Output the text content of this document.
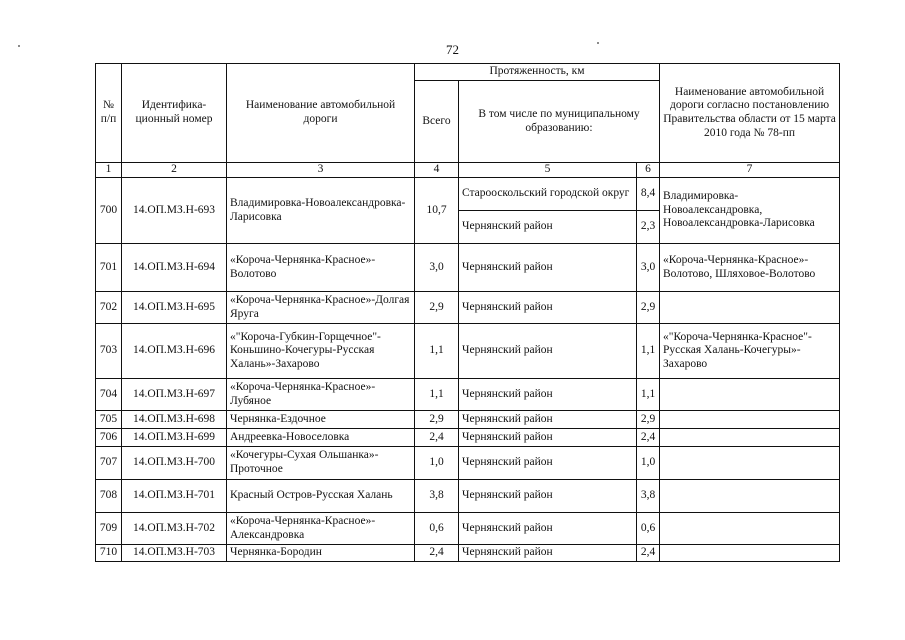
72
№ п/п	Идентифика-ционный номер	Наименование автомобильной дороги	Протяженность, км			Наименование автомобильной дороги согласно постановлению Правительства области от 15 марта 2010 года № 78-пп
			Всего	В том числе по муниципальному образованию:		
1	2	3	4	5	6	7
700	14.ОП.МЗ.Н-693	Владимировка-Новоалександровка-Ларисовка	10,7	Старооскольский городской округ	8,4	Владимировка-Новоалександровка, Новоалександровка-Ларисовка
				Чернянский район	2,3	
701	14.ОП.МЗ.Н-694	«Короча-Чернянка-Красное»-Волотово	3,0	Чернянский район	3,0	«Короча-Чернянка-Красное»-Волотово, Шляховое-Волотово
702	14.ОП.МЗ.Н-695	«Короча-Чернянка-Красное»-Долгая Яруга	2,9	Чернянский район	2,9	
703	14.ОП.МЗ.Н-696	«"Короча-Губкин-Горщечное"-Коньшино-Кочегуры-Русская Халань»-Захарово	1,1	Чернянский район	1,1	«"Короча-Чернянка-Красное"-Русская Халань-Кочегуры»-Захарово
704	14.ОП.МЗ.Н-697	«Короча-Чернянка-Красное»-Лубяное	1,1	Чернянский район	1,1	
705	14.ОП.МЗ.Н-698	Чернянка-Ездочное	2,9	Чернянский район	2,9	
706	14.ОП.МЗ.Н-699	Андреевка-Новоселовка	2,4	Чернянский район	2,4	
707	14.ОП.МЗ.Н-700	«Кочегуры-Сухая Ольшанка»-Проточное	1,0	Чернянский район	1,0	
708	14.ОП.МЗ.Н-701	Красный Остров-Русская Халань	3,8	Чернянский район	3,8	
709	14.ОП.МЗ.Н-702	«Короча-Чернянка-Красное»-Александровка	0,6	Чернянский район	0,6	
710	14.ОП.МЗ.Н-703	Чернянка-Бородин	2,4	Чернянский район	2,4	
